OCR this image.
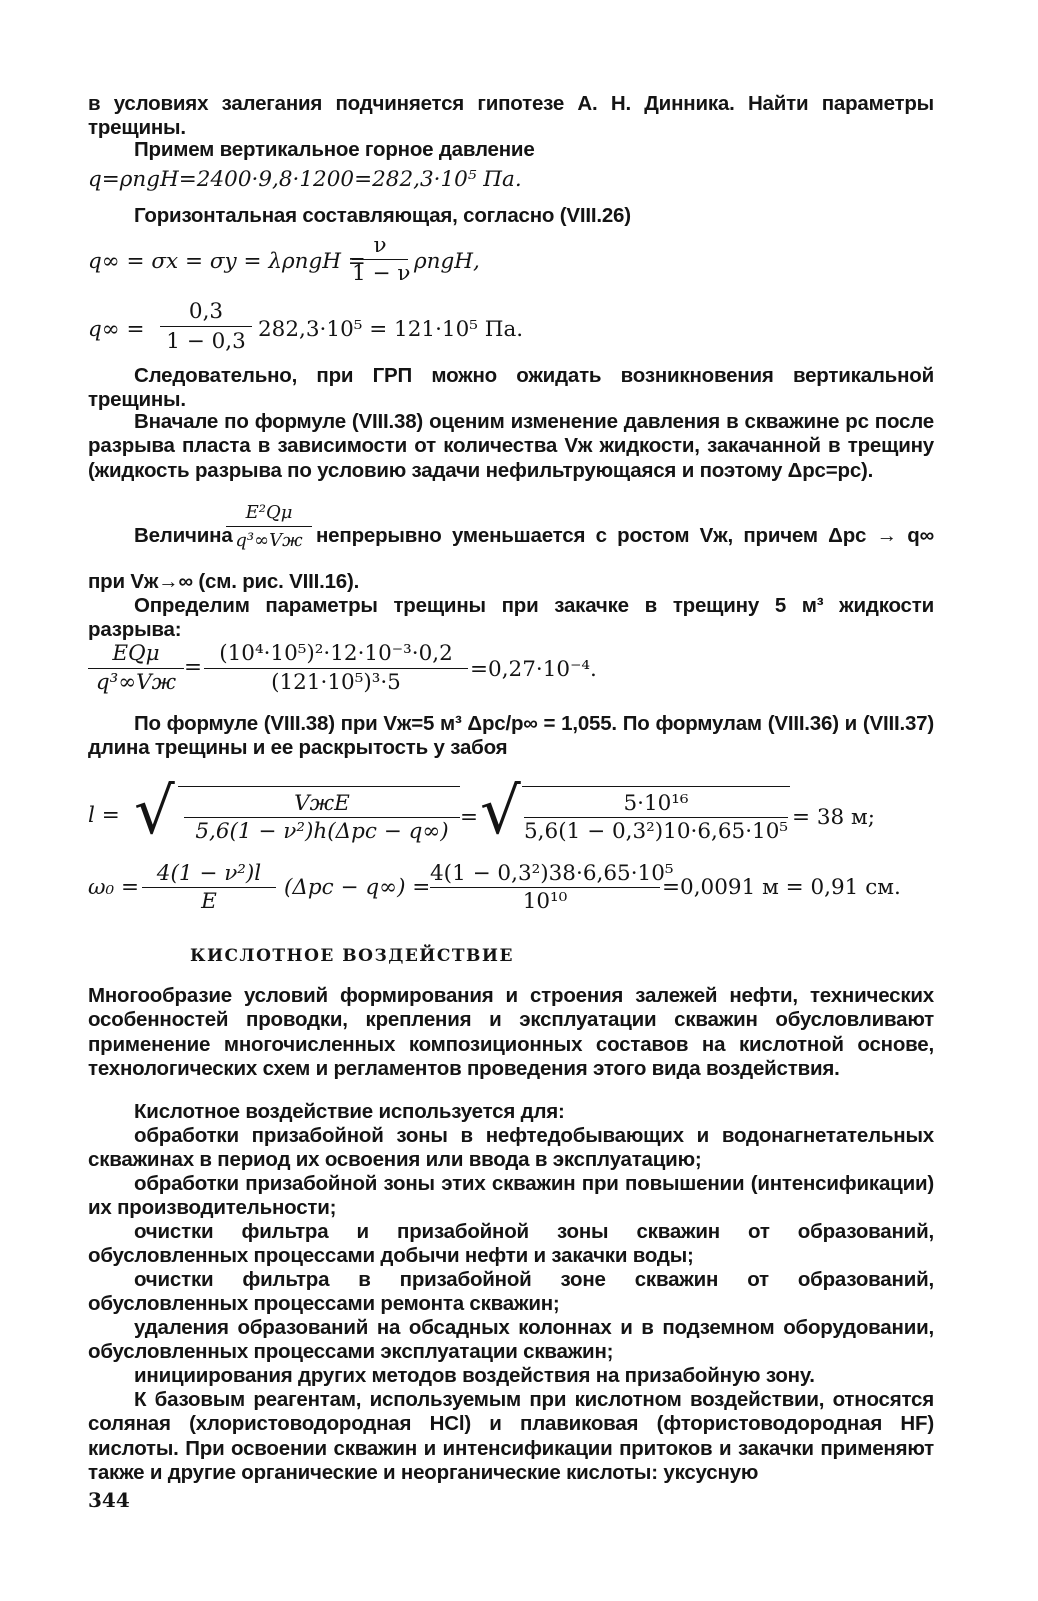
в условиях залегания подчиняется гипотезе А. Н. Динника. Найти параметры трещины.
Примем вертикальное горное давление
q=ρпgH=2400·9,8·1200=282,3·10⁵ Па.
Горизонтальная составляющая, согласно (VIII.26)
q∞ = σx = σy = λρпgH =
ν
1 − ν ρпgH,
q∞ =
0,3
1 − 0,3 282,3·10⁵ = 121·10⁵ Па.
Следовательно, при ГРП можно ожидать возникновения вертикальной трещины.
Вначале по формуле (VIII.38) оценим изменение давления в скважине pс после разрыва пласта в зависимости от количества Vж жидкости, закачанной в трещину (жидкость разрыва по условию задачи нефильтрующаяся и поэтому Δpс=pс).
Величина
E²Qμ
q³∞Vж непрерывно уменьшается с ростом Vж, причем Δpс → q∞
при Vж→∞ (см. рис. VIII.16).
Определим параметры трещины при закачке в трещину 5 м³ жидкости разрыва:
EQμ
q³∞Vж
=
(10⁴·10⁵)²·12·10⁻³·0,2
(121·10⁵)³·5
=0,27·10⁻⁴.
По формуле (VIII.38) при Vж=5 м³ Δpс/p∞ = 1,055. По формулам (VIII.36) и (VIII.37) длина трещины и ее раскрытость у забоя
l = √	VжE
5,6(1 − ν²)h(Δpс − q∞)
= √	5·10¹⁶
5,6(1 − 0,3²)10·6,65·10⁵
= 38 м;
ω₀ =
4(1 − ν²)l
E
(Δpс − q∞) =
4(1 − 0,3²)38·6,65·10⁵
10¹⁰
=0,0091 м = 0,91 см.
КИСЛОТНОЕ ВОЗДЕЙСТВИЕ
Многообразие условий формирования и строения залежей нефти, технических особенностей проводки, крепления и эксплуатации скважин обусловливают применение многочисленных композиционных составов на кислотной основе, технологических схем и регламентов проведения этого вида воздействия.
Кислотное воздействие используется для:
обработки призабойной зоны в нефтедобывающих и водонагнетательных скважинах в период их освоения или ввода в эксплуатацию;
обработки призабойной зоны этих скважин при повышении (интенсификации) их производительности;
очистки фильтра и призабойной зоны скважин от образований, обусловленных процессами добычи нефти и закачки воды;
очистки фильтра в призабойной зоне скважин от образований, обусловленных процессами ремонта скважин;
удаления образований на обсадных колоннах и в подземном оборудовании, обусловленных процессами эксплуатации скважин;
инициирования других методов воздействия на призабойную зону.
К базовым реагентам, используемым при кислотном воздействии, относятся соляная (хлористоводородная HCl) и плавиковая (фтористоводородная HF) кислоты. При освоении скважин и интенсификации притоков и закачки применяют также и другие органические и неорганические кислоты: уксусную
344
